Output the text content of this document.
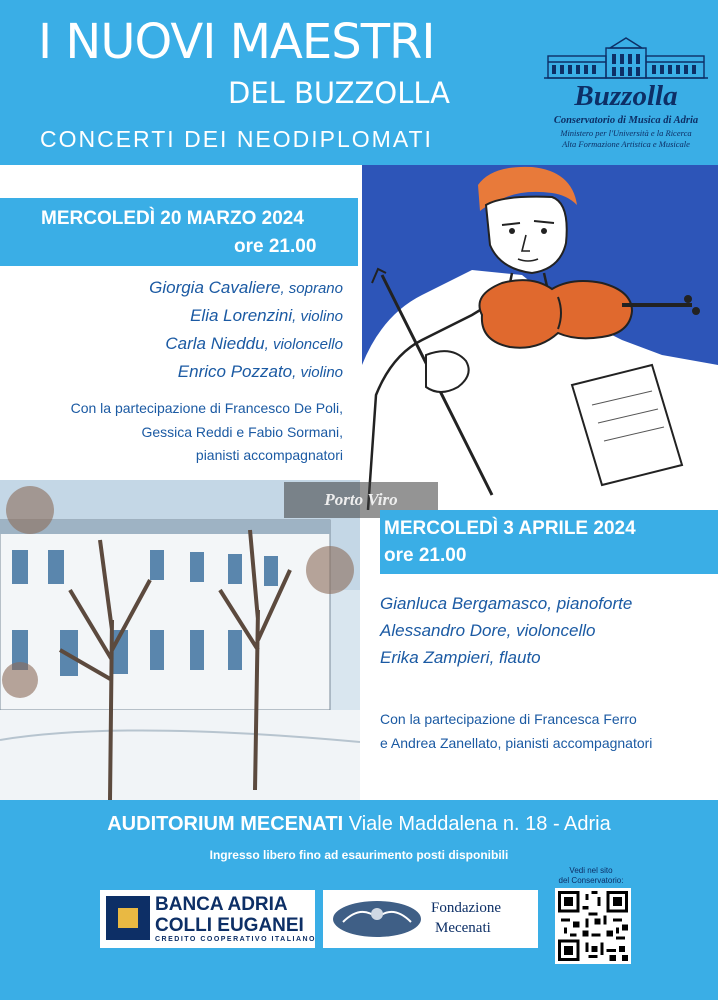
I NUOVI MAESTRI
DEL BUZZOLLA
CONCERTI DEI NEODIPLOMATI
Buzzolla
Conservatorio di Musica di Adria
Ministero per l'Università e la Ricerca
Alta Formazione Artistica e Musicale
Porto Viro
MERCOLEDÌ 20 MARZO 2024
ore 21.00
Giorgia Cavaliere, soprano
Elia Lorenzini, violino
Carla Nieddu, violoncello
Enrico Pozzato, violino
Con la partecipazione di Francesco De Poli,
Gessica Reddi e Fabio Sormani,
pianisti accompagnatori
MERCOLEDÌ 3 APRILE 2024
ore 21.00
Gianluca Bergamasco, pianoforte
Alessandro Dore, violoncello
Erika Zampieri, flauto
Con la partecipazione di Francesca Ferro
e Andrea Zanellato, pianisti accompagnatori
AUDITORIUM MECENATI Viale Maddalena n. 18 - Adria
Ingresso libero fino ad esaurimento posti disponibili
BANCA ADRIA
COLLI EUGANEI
CREDITO COOPERATIVO ITALIANO
Fondazione
Mecenati
Vedi nel sito
del Conservatorio:
